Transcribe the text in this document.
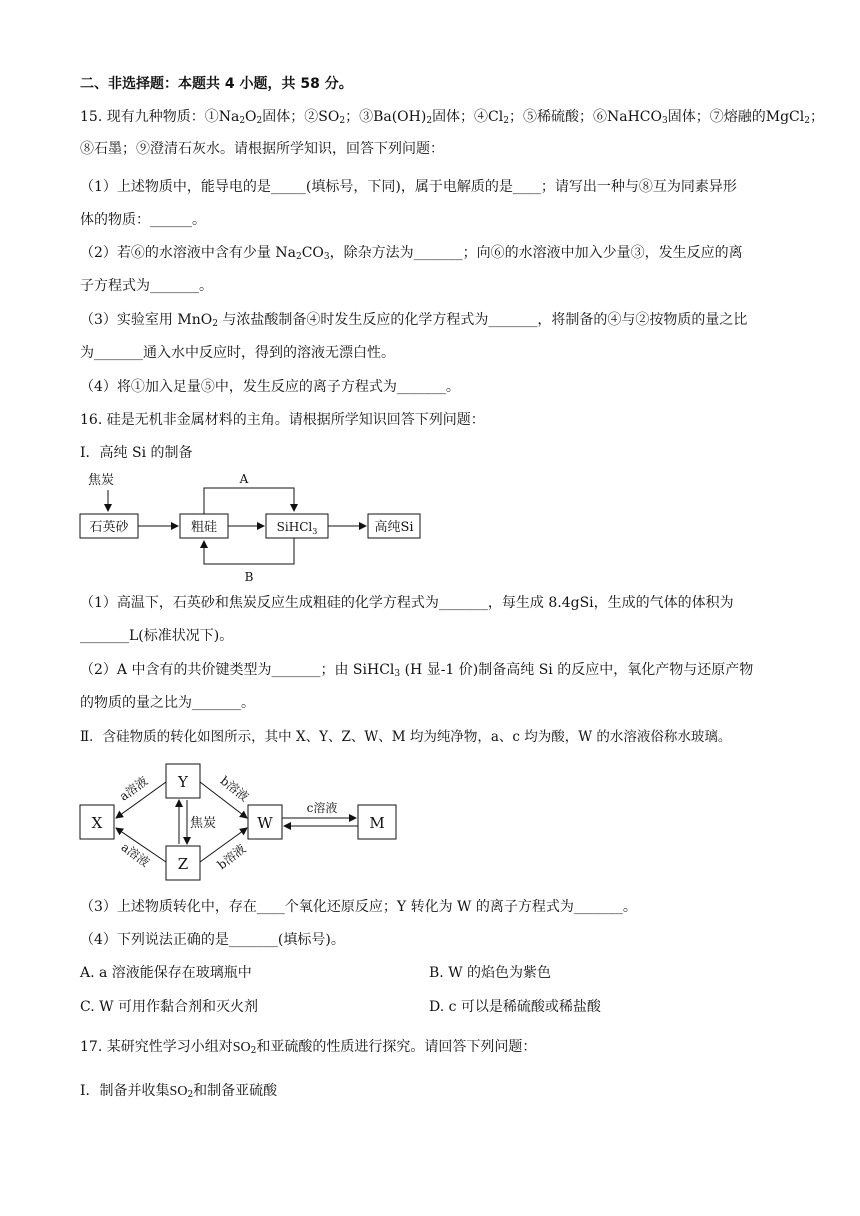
二、非选择题：本题共 4 小题，共 58 分。
15. 现有九种物质：$①Na_2O_2$固体；$②SO_2$；$③Ba(OH)_2$固体；$④Cl_2$；⑤稀硫酸；⑥NaHCO$_3$固体；⑦熔融的MgCl$_2$；
⑧石墨；⑨澄清石灰水。请根据所学知识，回答下列问题：
（1）上述物质中，能导电的是_____(填标号，下同)，属于电解质的是____；请写出一种与⑧互为同素异形
体的物质：______。
（2）若⑥的水溶液中含有少量 $Na_2CO_3$，除杂方法为_______；向⑥的水溶液中加入少量③，发生反应的离
子方程式为_______。
（3）实验室用 MnO$_2$ 与浓盐酸制备④时发生反应的化学方程式为_______，将制备的④与②按物质的量之比
为_______通入水中反应时，得到的溶液无漂白性。
（4）将①加入足量⑤中，发生反应的离子方程式为_______。
16. 硅是无机非金属材料的主角。请根据所学知识回答下列问题：
Ⅰ．高纯 Si 的制备
焦炭
石英砂	粗硅	SiHCl$_3$	高纯Si
A
B
（1）高温下，石英砂和焦炭反应生成粗硅的化学方程式为_______，每生成 8.4gSi，生成的气体的体积为
_______L(标准状况下)。
（2）A 中含有的共价键类型为_______；由 SiHCl$_3$ (H 显-1 价)制备高纯 Si 的反应中，氧化产物与还原产物
的物质的量之比为_______。
Ⅱ．含硅物质的转化如图所示，其中 X、Y、Z、W、M 均为纯净物，a、c 均为酸，W 的水溶液俗称水玻璃。
X
Y
Z
W	M
a溶液
a溶液
b溶液
b溶液
焦炭
c溶液
（3）上述物质转化中，存在____个氧化还原反应；Y 转化为 W 的离子方程式为_______。
（4）下列说法正确的是_______(填标号)。
A. a 溶液能保存在玻璃瓶中	B. W 的焰色为紫色
C. W 可用作黏合剂和灭火剂	D. c 可以是稀硫酸或稀盐酸
17. 某研究性学习小组对$SO_2$和亚硫酸的性质进行探究。请回答下列问题：
Ⅰ．制备并收集$SO_2$和制备亚硫酸
